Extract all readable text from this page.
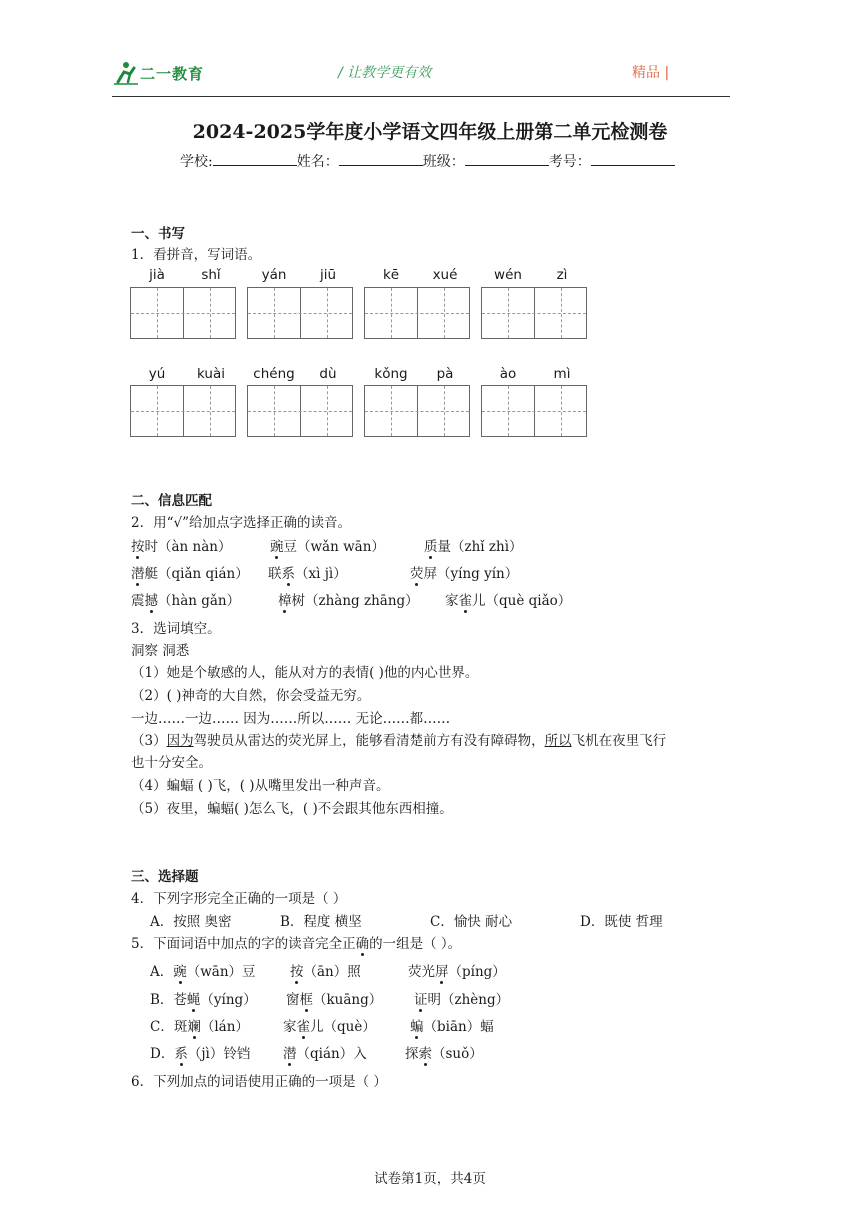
二一教育	/ 让教学更有效	精品 |
2024-2025学年度小学语文四年级上册第二单元检测卷
学校:	姓名：	班级：	考号：
一、书写
1．看拼音，写词语。
jià	shǐ	yán	jiū	kē	xué	wén	zì
yú	kuài	chéng	dù	kǒng	pà	ào	mì
二、信息匹配
2．用“√”给加点字选择正确的读音。
按时（àn nàn）	豌豆（wǎn wān）	质量（zhǐ zhì）
潜艇（qiǎn qián） 联系（xì jì）	荧屏（yíng yín）
震撼（hàn gǎn）	樟树（zhàng zhāng） 家雀儿（què qiǎo）
3．选词填空。
洞察 洞悉
（1）她是个敏感的人，能从对方的表情( )他的内心世界。
（2）( )神奇的大自然，你会受益无穷。
一边……一边…… 因为……所以…… 无论……都……
（3）因为驾驶员从雷达的荧光屏上，能够看清楚前方有没有障碍物，所以飞机在夜里飞行
也十分安全。
（4）蝙蝠 ( )飞，( )从嘴里发出一种声音。
（5）夜里，蝙蝠( )怎么飞，( )不会跟其他东西相撞。
三、选择题
4．下列字形完全正确的一项是（ ）
A．按照 奥密	B．程度 横坚	C．愉快 耐心	D．既使 哲理
5．下面词语中加点的字的读音完全正确的一组是（ ）。
A．豌（wān）豆	按（ān）照	荧光屏（píng）
B．苍蝇（yíng） 窗框（kuāng） 证明（zhèng）
C．斑斓（lán）	家雀儿（què）	蝙（biān）蝠
D．系（jì）铃铛 潜（qián）入	探索（suǒ）
6．下列加点的词语使用正确的一项是（ ）
试卷第1页，共4页
